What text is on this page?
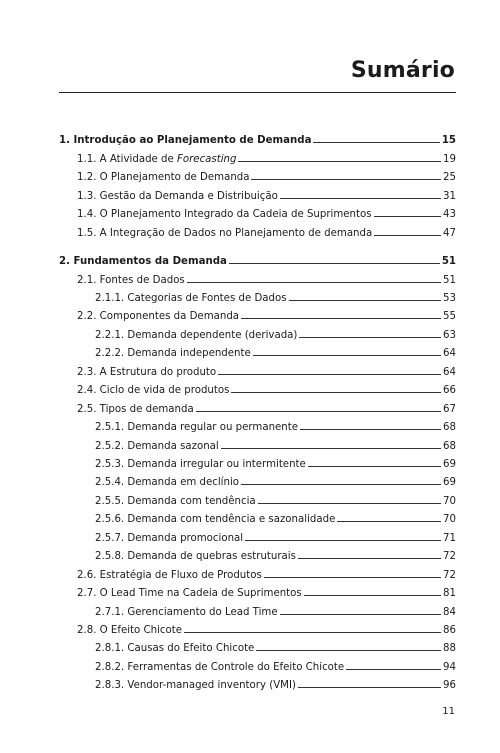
Sumário
1. Introdução ao Planejamento de Demanda	15
1.1. A Atividade de Forecasting	19
1.2. O Planejamento de Demanda	25
1.3. Gestão da Demanda e Distribuição	31
1.4. O Planejamento Integrado da Cadeia de Suprimentos	43
1.5. A Integração de Dados no Planejamento de demanda	47
2. Fundamentos da Demanda	51
2.1. Fontes de Dados	51
2.1.1. Categorias de Fontes de Dados	53
2.2. Componentes da Demanda	55
2.2.1. Demanda dependente (derivada)	63
2.2.2. Demanda independente	64
2.3. A Estrutura do produto	64
2.4. Ciclo de vida de produtos	66
2.5. Tipos de demanda	67
2.5.1. Demanda regular ou permanente	68
2.5.2. Demanda sazonal	68
2.5.3. Demanda irregular ou intermitente	69
2.5.4. Demanda em declínio	69
2.5.5. Demanda com tendência	70
2.5.6. Demanda com tendência e sazonalidade	70
2.5.7. Demanda promocional	71
2.5.8. Demanda de quebras estruturais	72
2.6. Estratégia de Fluxo de Produtos	72
2.7. O Lead Time na Cadeia de Suprimentos	81
2.7.1. Gerenciamento do Lead Time	84
2.8. O Efeito Chicote	86
2.8.1. Causas do Efeito Chicote	88
2.8.2. Ferramentas de Controle do Efeito Chicote	94
2.8.3. Vendor-managed inventory (VMI)	96
11
